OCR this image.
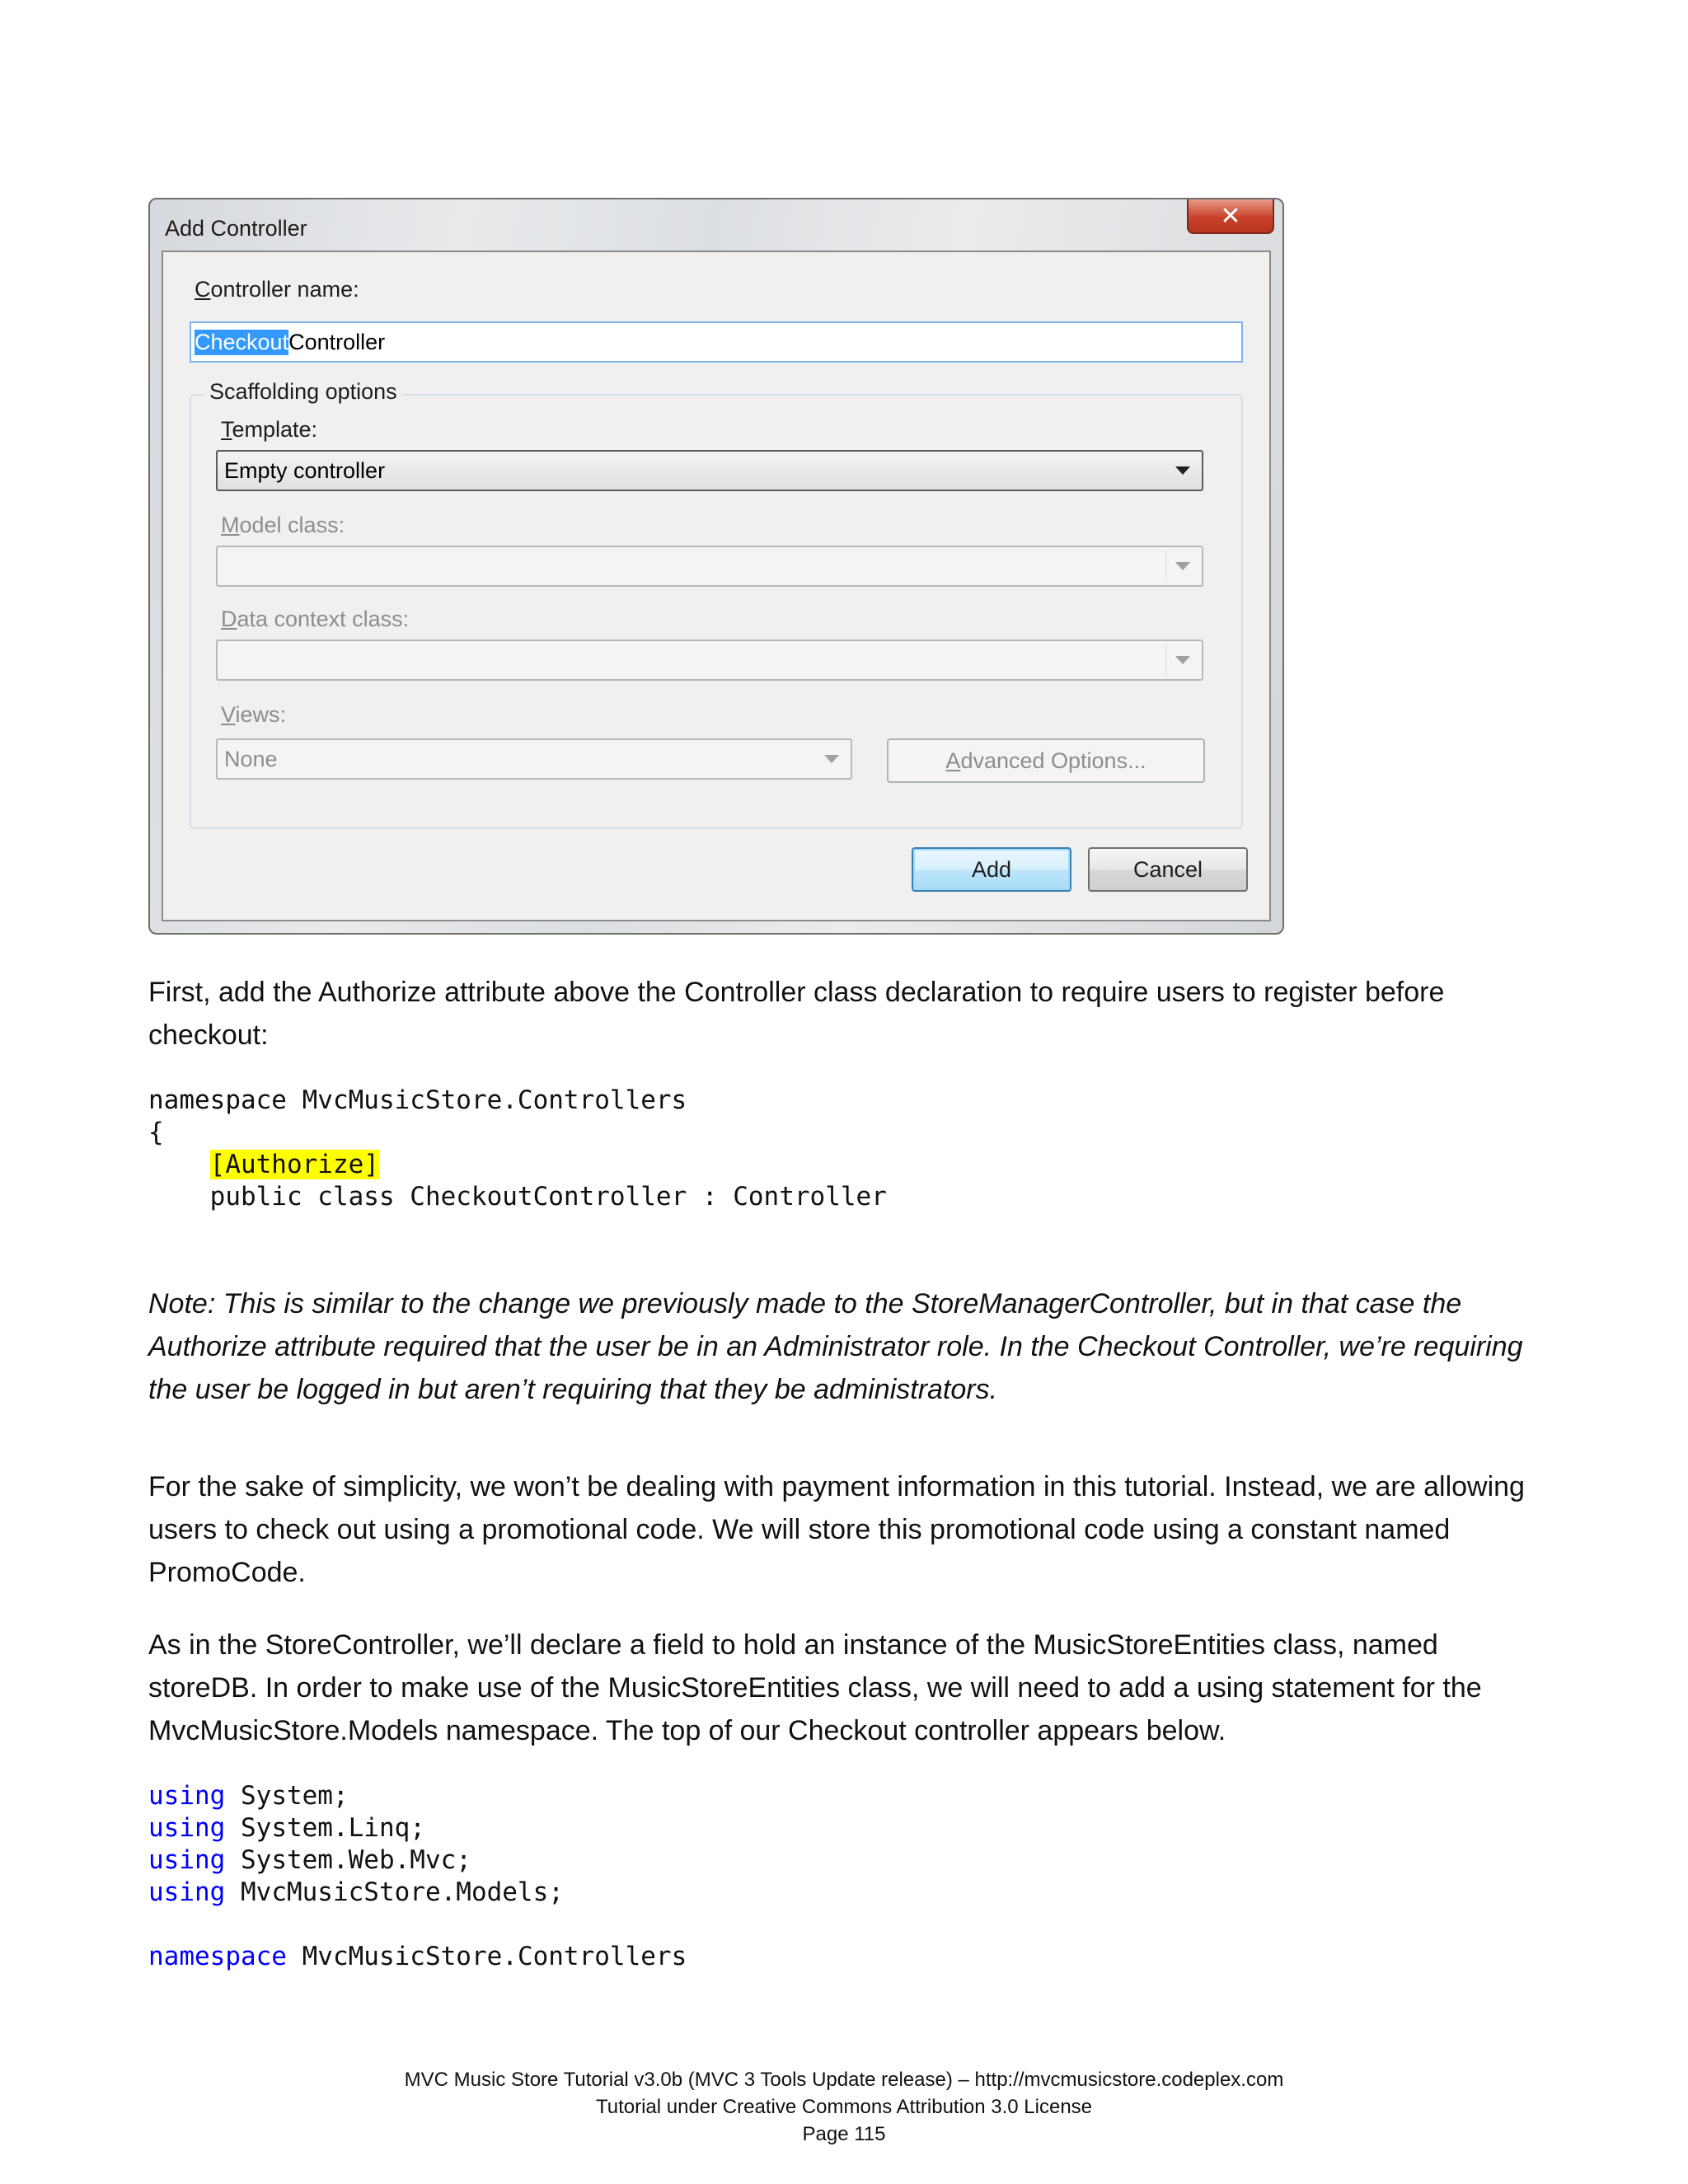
Add Controller	✕
Controller name:
Checkout Controller
Scaffolding options
Template:
Empty controller
Model class:
Data context class:
Views:
None	A dvanced Options...
Add	Cancel
First, add the Authorize attribute above the Controller class declaration to require users to register before checkout:
namespace MvcMusicStore.Controllers
{
[Authorize]
public class CheckoutController : Controller
Note: This is similar to the change we previously made to the StoreManagerController, but in that case the Authorize attribute required that the user be in an Administrator role. In the Checkout Controller, we’re requiring the user be logged in but aren’t requiring that they be administrators.
For the sake of simplicity, we won’t be dealing with payment information in this tutorial. Instead, we are allowing users to check out using a promotional code. We will store this promotional code using a constant named PromoCode.
As in the StoreController, we’ll declare a field to hold an instance of the MusicStoreEntities class, named storeDB. In order to make use of the MusicStoreEntities class, we will need to add a using statement for the MvcMusicStore.Models namespace. The top of our Checkout controller appears below.
using System;
using System.Linq;
using System.Web.Mvc;
using MvcMusicStore.Models;

namespace MvcMusicStore.Controllers
MVC Music Store Tutorial v3.0b (MVC 3 Tools Update release) – http://mvcmusicstore.codeplex.com
Tutorial under Creative Commons Attribution 3.0 License
Page 115
